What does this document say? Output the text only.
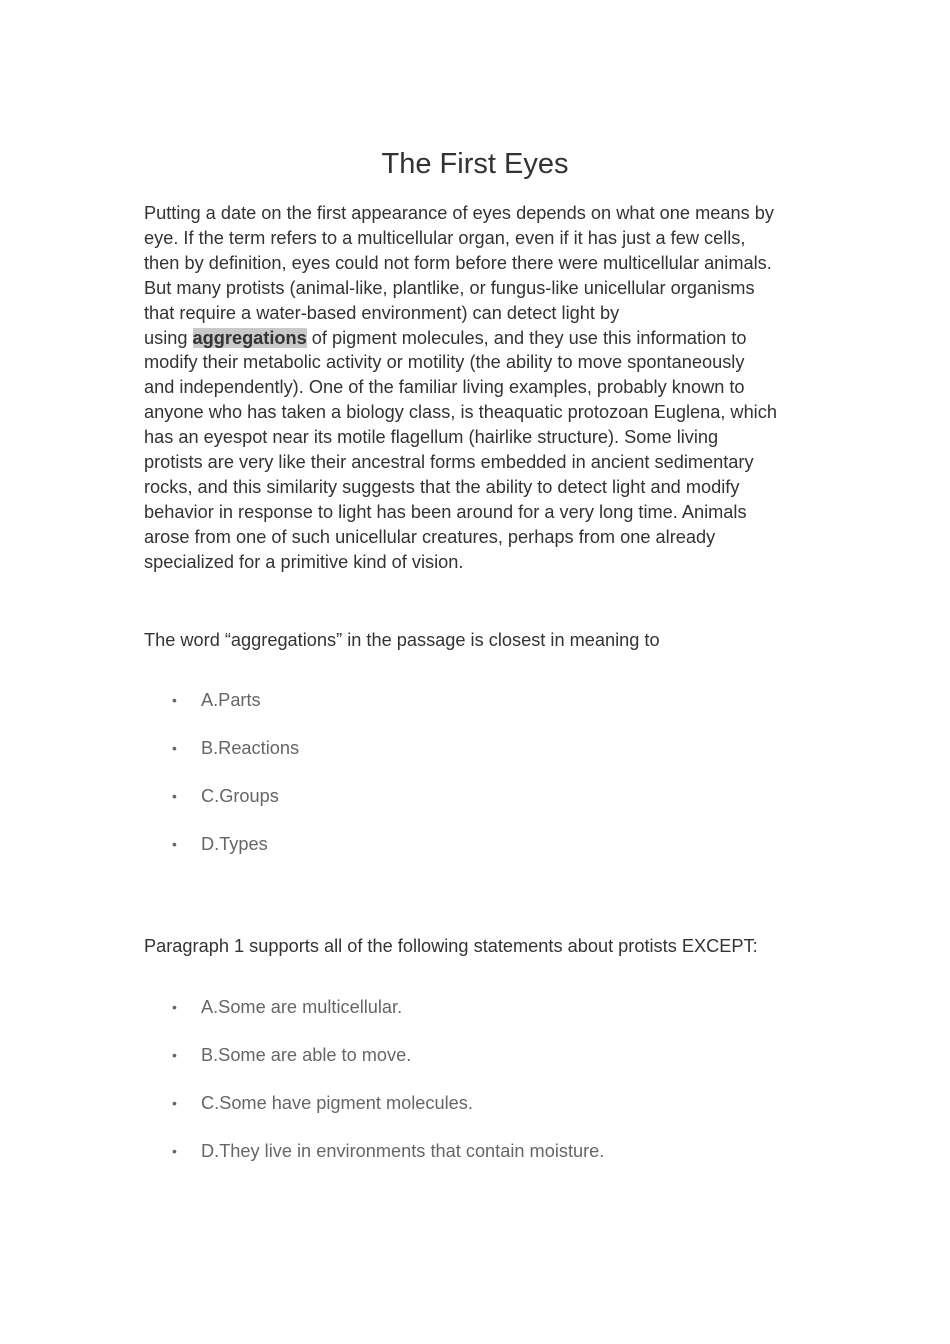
The First Eyes

Putting a date on the first appearance of eyes depends on what one means by
eye. If the term refers to a multicellular organ, even if it has just a few cells,
then by definition, eyes could not form before there were multicellular animals.
But many protists (animal-like, plantlike, or fungus-like unicellular organisms
that require a water-based environment) can detect light by
using aggregations of pigment molecules, and they use this information to
modify their metabolic activity or motility (the ability to move spontaneously
and independently). One of the familiar living examples, probably known to
anyone who has taken a biology class, is theaquatic protozoan Euglena, which
has an eyespot near its motile flagellum (hairlike structure). Some living
protists are very like their ancestral forms embedded in ancient sedimentary
rocks, and this similarity suggests that the ability to detect light and modify
behavior in response to light has been around for a very long time. Animals
arose from one of such unicellular creatures, perhaps from one already
specialized for a primitive kind of vision.

The word “aggregations” in the passage is closest in meaning to

• A.Parts
• B.Reactions
• C.Groups
• D.Types

Paragraph 1 supports all of the following statements about protists EXCEPT:

• A.Some are multicellular.
• B.Some are able to move.
• C.Some have pigment molecules.
• D.They live in environments that contain moisture.
